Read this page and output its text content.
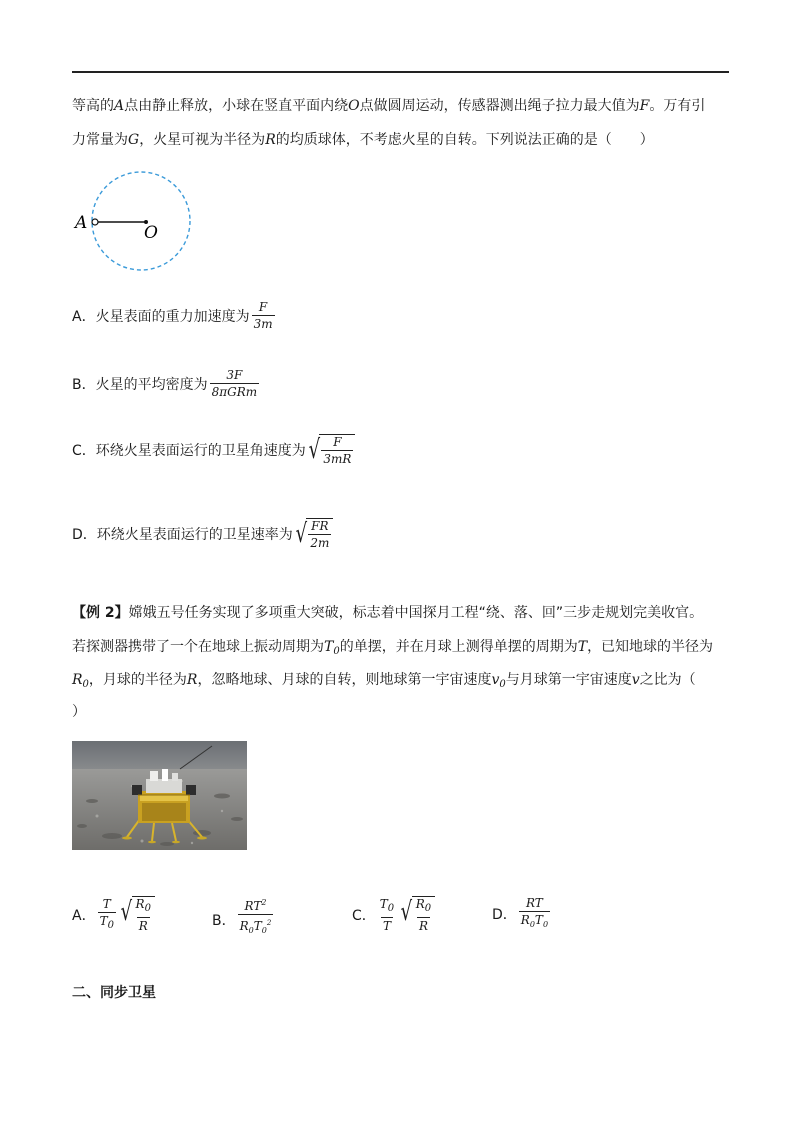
等高的A点由静止释放，小球在竖直平面内绕O点做圆周运动，传感器测出绳子拉力最大值为F。万有引
力常量为G，火星可视为半径为R的均质球体，不考虑火星的自转。下列说法正确的是（　　）
A	O
A． 火星表面的重力加速度为 $\frac{F}{3m}$
B． 火星的平均密度为 $\frac{3F}{\text{8πGRm}}$
C． 环绕火星表面运行的卫星角速度为 √ $\frac{F}{3mR}$
D． 环绕火星表面运行的卫星速率为 √ $\frac{FR}{2m}$
【例 2】嫦娥五号任务实现了多项重大突破，标志着中国探月工程“绕、落、回”三步走规划完美收官。
若探测器携带了一个在地球上振动周期为$T_0$的单摆，并在月球上测得单摆的周期为T，已知地球的半径为
$R_0$，月球的半径为R，忽略地球、月球的自转，则地球第一宇宙速度$v_0$与月球第一宇宙速度v之比为（
）
A． $\frac{T}{T_0}$ √ $\frac{R_0}{R}$	B． $\frac{RT^2}{R_0T_0^2}$	C． $\frac{T_0}{T}$ √ $\frac{R_0}{R}$	D． $\frac{RT}{R_0T_0}$
二、同步卫星
